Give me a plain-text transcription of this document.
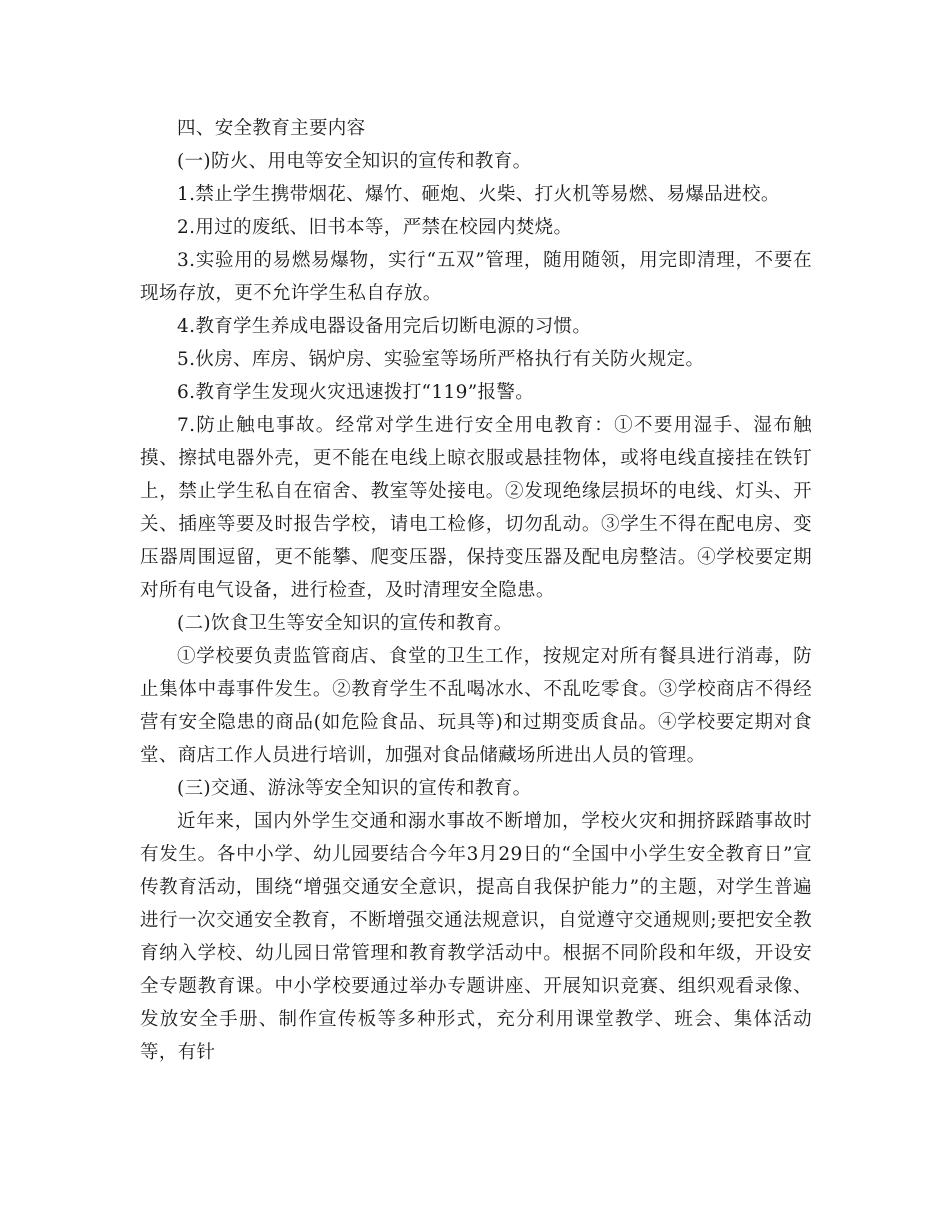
四、安全教育主要内容

(一)防火、用电等安全知识的宣传和教育。

1.禁止学生携带烟花、爆竹、砸炮、火柴、打火机等易燃、易爆品进校。

2.用过的废纸、旧书本等，严禁在校园内焚烧。

3.实验用的易燃易爆物，实行“五双”管理，随用随领，用完即清理，不要在现场存放，更不允许学生私自存放。

4.教育学生养成电器设备用完后切断电源的习惯。

5.伙房、库房、锅炉房、实验室等场所严格执行有关防火规定。

6.教育学生发现火灾迅速拨打“119”报警。

7.防止触电事故。经常对学生进行安全用电教育：①不要用湿手、湿布触摸、擦拭电器外壳，更不能在电线上晾衣服或悬挂物体，或将电线直接挂在铁钉上，禁止学生私自在宿舍、教室等处接电。②发现绝缘层损坏的电线、灯头、开关、插座等要及时报告学校，请电工检修，切勿乱动。③学生不得在配电房、变压器周围逗留，更不能攀、爬变压器，保持变压器及配电房整洁。④学校要定期对所有电气设备，进行检查，及时清理安全隐患。

(二)饮食卫生等安全知识的宣传和教育。

①学校要负责监管商店、食堂的卫生工作，按规定对所有餐具进行消毒，防止集体中毒事件发生。②教育学生不乱喝冰水、不乱吃零食。③学校商店不得经营有安全隐患的商品(如危险食品、玩具等)和过期变质食品。④学校要定期对食堂、商店工作人员进行培训，加强对食品储藏场所进出人员的管理。

(三)交通、游泳等安全知识的宣传和教育。

近年来，国内外学生交通和溺水事故不断增加，学校火灾和拥挤踩踏事故时有发生。各中小学、幼儿园要结合今年3月29日的“全国中小学生安全教育日”宣传教育活动，围绕“增强交通安全意识，提高自我保护能力”的主题，对学生普遍进行一次交通安全教育，不断增强交通法规意识，自觉遵守交通规则;要把安全教育纳入学校、幼儿园日常管理和教育教学活动中。根据不同阶段和年级，开设安全专题教育课。中小学校要通过举办专题讲座、开展知识竞赛、组织观看录像、发放安全手册、制作宣传板等多种形式，充分利用课堂教学、班会、集体活动等，有针
